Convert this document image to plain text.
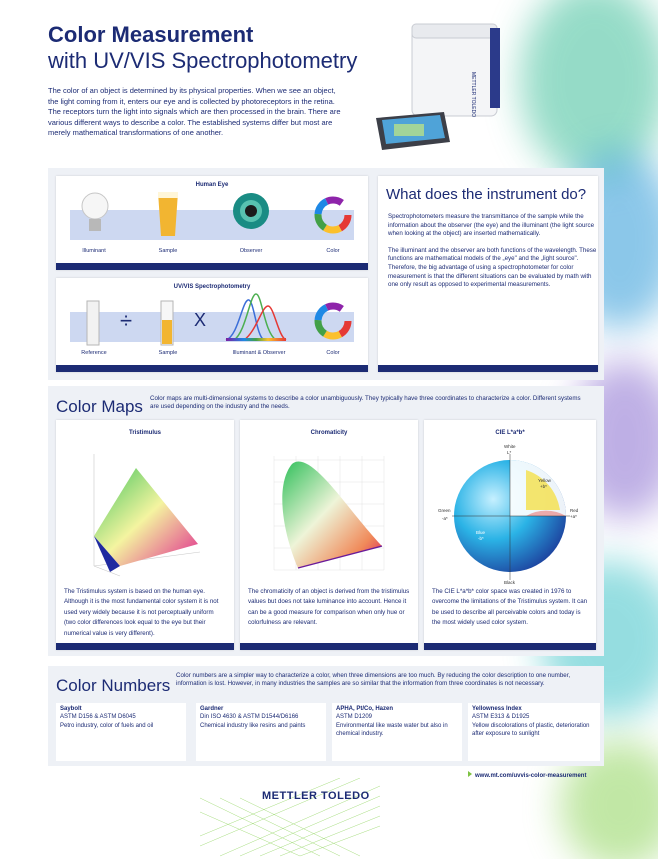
Color Measurement
with UV/VIS Spectrophotometry
The color of an object is determined by its physical properties. When we see an object, the light coming from it, enters our eye and is collected by photoreceptors in the retina. The receptors turn the light into signals which are then processed in the brain. There are various different ways to describe a color. The established systems differ but most are merely mathematical transformations of one another.
METTLER TOLEDO
Human Eye
Illuminant	Sample	Observer	Color
UV/VIS Spectrophotometry
÷	X
Reference	Sample	Illuminant & Observer	Color
What does the instrument do?

Spectrophotometers measure the transmittance of the sample while the information about the observer (the eye) and the illuminant (the light source when looking at the object) are inserted mathematically.

The illuminant and the observer are both functions of the wavelength. These functions are mathematical models of the „eye" and the „light source". Therefore, the big advantage of using a spectrophotometer for color measurement is that the different situations can be evaluated by math with one only result as opposed to experimental measurements.

Color Maps Color maps are multi-dimensional systems to describe a color unambiguously. They typically have three coordinates to characterize a color. Different systems are used depending on the industry and the needs.
Tristimulus
The Tristimulus system is based on the human eye. Although it is the most fundamental color system it is not used very widely because it is not perceptually uniform (two color differences look equal to the eye but their numerical value is very different).
Chromaticity
The chromaticity of an object is derived from the tristimulus values but does not take luminance into account. Hence it can be a good measure for comparison when only hue or colorfulness are relevant.
CIE L*a*b*
White
L*
Yellow
+b*
Red
+a*
Green
-a*
Blue
-b*
Black
The CIE L*a*b* color space was created in 1976 to overcome the limitations of the Tristimulus system. It can be used to describe all perceivable colors and today is the most widely used color system.
Color Numbers
Color numbers are a simpler way to characterize a color, when three dimensions are too much. By reducing the color description to one number, information is lost. However, in many industries the samples are so similar that the information from three coordinates is not necessary.
Saybolt
ASTM D156 & ASTM D6045
Petro industry, color of fuels and oil
Gardner
Din ISO 4630 & ASTM D1544/D6166
Chemical industry like resins and paints
APHA, Pt/Co, Hazen
ASTM D1209
Environmental like waste water but also in chemical industry.
Yellowness Index
ASTM E313 & D1925
Yellow discolorations of plastic, deterioration after exposure to sunlight
www.mt.com/uvvis-color-measurement
METTLER TOLEDO
